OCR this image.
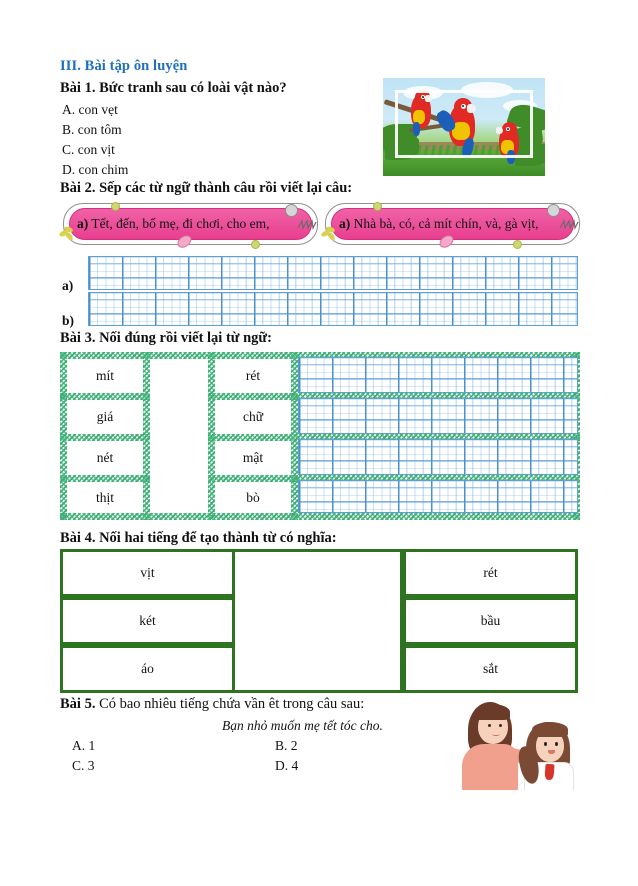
III. Bài tập ôn luyện
Bài 1. Bức tranh sau có loài vật nào?
A. con vẹt
B. con tôm
C. con vịt
D. con chim
Bài 2. Sếp các từ ngữ thành câu rồi viết lại câu:
a) Tết, đến, bố mẹ, đi chơi, cho em,	a) Nhà bà, có, cả mít chín, và, gà vịt,
a)
b)
Bài 3. Nối đúng rồi viết lại từ ngữ:
mít
giá
nét
thịt
rét
chữ
mật
bò
Bài 4. Nối hai tiếng để tạo thành từ có nghĩa:
vịt
két
áo
rét
bầu
sắt
Bài 5. Có bao nhiêu tiếng chứa vần êt trong câu sau:
Bạn nhỏ muốn mẹ tết tóc cho.
A. 1	B. 2
C. 3	D. 4
